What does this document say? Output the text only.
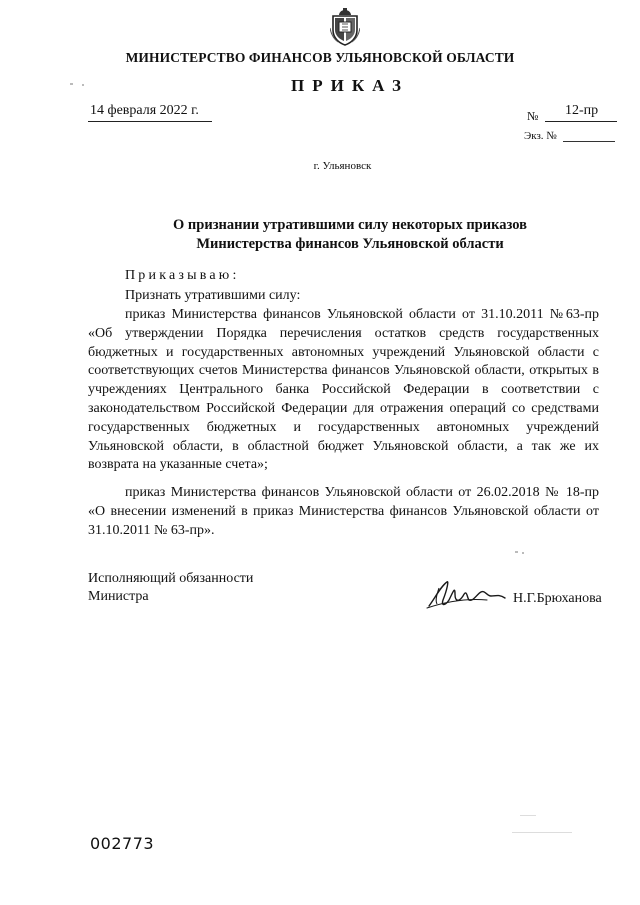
МИНИСТЕРСТВО ФИНАНСОВ УЛЬЯНОВСКОЙ ОБЛАСТИ
ПРИКАЗ
14 февраля 2022 г.	№ 12-пр
Экз. №
г. Ульяновск
О признании утратившими силу некоторых приказов
Министерства финансов Ульяновской области
Приказываю:
Признать утратившими силу:
приказ Министерства финансов Ульяновской области от 31.10.2011 №63-пр «Об утверждении Порядка перечисления остатков средств государственных бюджетных и государственных автономных учреждений Ульяновской области с соответствующих счетов Министерства финансов Ульяновской области, открытых в учреждениях Центрального банка Российской Федерации в соответствии с законодательством Российской Федерации для отражения операций со средствами государственных бюджетных и государственных автономных учреждений Ульяновской области, в областной бюджет Ульяновской области, а так же их возврата на указанные счета»;
приказ Министерства финансов Ульяновской области от 26.02.2018 № 18-пр «О внесении изменений в приказ Министерства финансов Ульяновской области от 31.10.2011 № 63-пр».
Исполняющий обязанности
Министра	Н.Г.Брюханова
002773
